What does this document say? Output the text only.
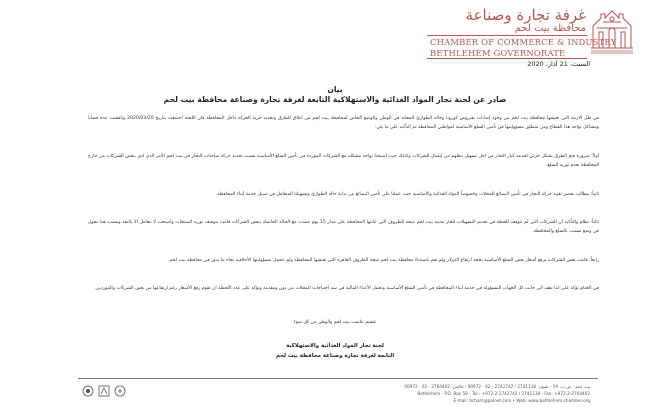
غرفة تجارة وصناعة
محافظة بيت لحم
CHAMBER OF COMMERCE & INDUSTRY
BETHLEHEM GOVERNORATE
السبت، 21 آذار، 2020
بيان
صادر عن لجنة تجار المواد الغذائية والاستهلاكية التابعة لغرفة تجارة وصناعة محافظة بيت لحم
في ظل الازمة التي تعيشها محافظة بيت لحم من وجود إصابات بفيروس كورونا وحالة الطوارئ المعلنة في الوطن والوضع الخاص لمحافظة بيت لحم من اغلاق للطرق وتحديد حرية الحركة داخل المحافظة فان اللجنة اجتمعت بتاريخ 2020/03/20 وناقشت عدة قضايا ومشاكل تواجه هذا القطاع ومن منطلق مسؤوليتها في تأمين السلع الأساسية لمواطني المحافظة تم التأكيد على ما يلي:
أولاً: ضرورة فتح الطرق بشكل جزئي لخدمة كبار التجار من اجل تسهيل تنقلهم من إيصال الشركات وكذلك حيث أصبحنا نواجه مشكلة مع الشركات الموردة في تأمين السلع الأساسية بسبب تحديد حركة شاحنات التجار في بيت لحم الأمر الذي ادى ببعض الشركات من خارج المحافظة بعدم توريد السلع.
ثانياً: مطالب بحصر تقييد حركة التجار في تأمين البضائع للمحلات وخصوصاً المواد الغذائية والأساسية حيث عملنا على تأمين البضائع من بداية حالة الطوارئ وتسهيلنا المتعامل في سبيل خدمة أبناء المحافظة.
ثالثاً: نظام والتأكيد أن الشركات التي لم تتوقف للحظة في تقديم التسهيلات لتجار مدينة بيت لحم نتيجة للظروف التي عانتها المحافظة على مدار 15 يوم عمدت مع الحالة الحاصلة ببعض الشركات قامت بتوقيف توريد المنتجات وأصبحت لا تتعامل الا بالنقد وبسبب هذا تحول في وضع مسبب بالسلع والمحافظة.
رابعاً: قامت بعض الشركات برفع أسعار بعض السلع الأساسية بحجة ارتفاع الدولار ولم تقم باستثناء محافظة بيت لحم نتيجة الظروف القاهرة التي تعيشها المحافظة ولم تتحمل مسؤوليتها الأخلاقية تجاه ما يدور في محافظة بيت لحم.
في الختام نؤكد على اننا نقف الى جانب كل الجهات المسؤولة في خدمة أبناء المحافظة في تأمين السلع الأساسية وتحمل الأعباء المالية في سد احتياجات المحلات من دون ومقدمة ونؤكد على عدد اللحظة ان تقوم رفع الأسعار رغم ارتفاعها من بعض الشركات والموردين.
عشتم عاشت بيت لحم والوطن من كل سوء
لجنة تجار المواد الغذائية والاستهلاكية
التابعة لغرفة تجارة وصناعة محافظة بيت لحم
بيت لحم - ص.ب. 59 - تلفون: 2741138 / 2742742 - 02 - 00972 - فاكس: 2764402 - 02 - 00972
Bethlehem - P.O. Box 59 - Tel.: +972-2-2742742 / 2741138 - Fax: +972-2-2764402
E-mail: bcham@palnet.com • Web: www.bethlehem-chamber.org
